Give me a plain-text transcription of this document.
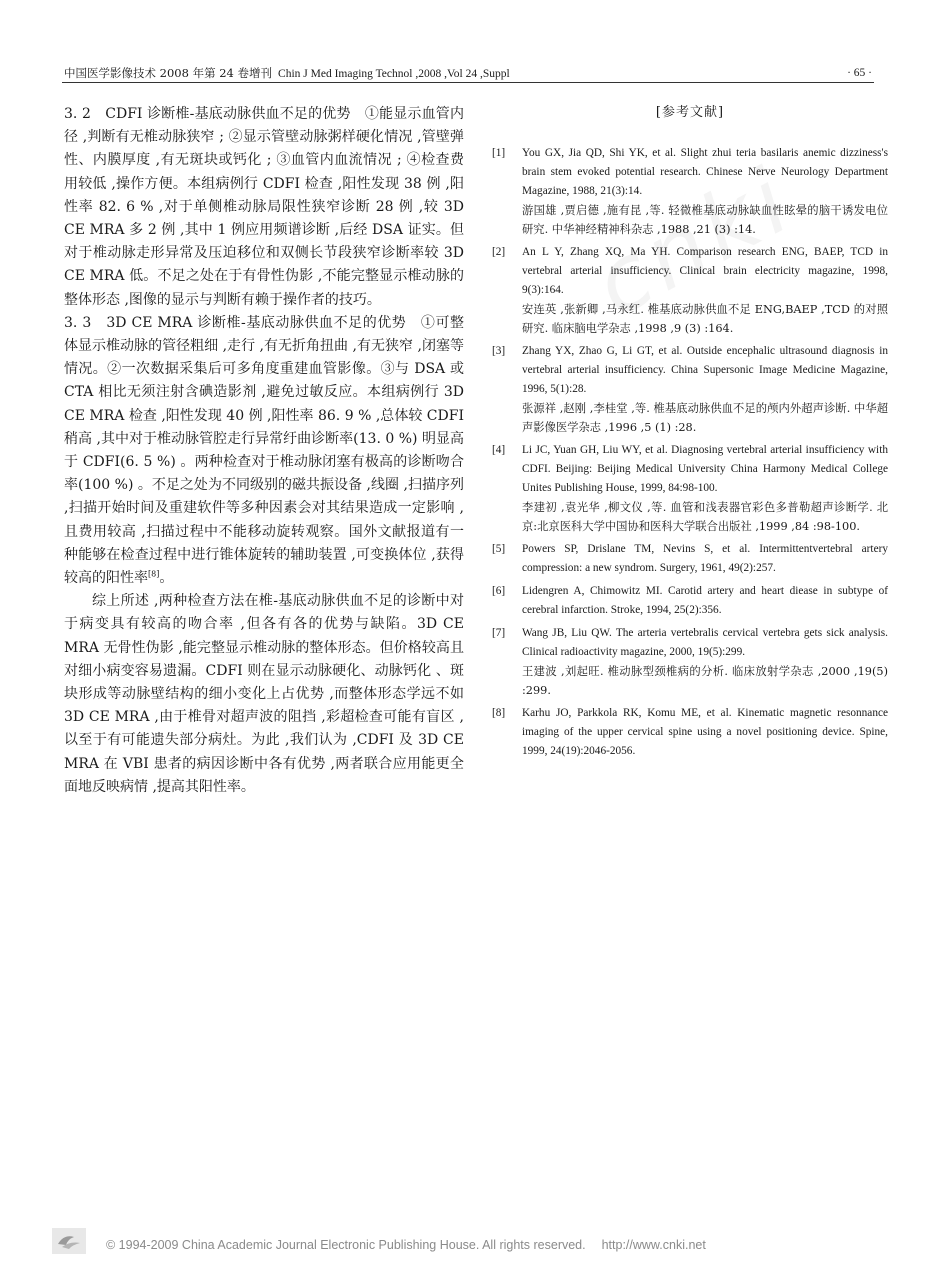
中国医学影像技术 2008 年第 24 卷增刊 Chin J Med Imaging Technol ,2008 ,Vol 24 ,Suppl	· 65 ·

3. 2　CDFI 诊断椎-基底动脉供血不足的优势　①能显示血管内径 ,判断有无椎动脉狭窄 ; ②显示管壁动脉粥样硬化情况 ,管壁弹性、内膜厚度 ,有无斑块或钙化 ; ③血管内血流情况 ; ④检查费用较低 ,操作方便。本组病例行 CDFI 检查 ,阳性发现 38 例 ,阳性率 82. 6 % ,对于单侧椎动脉局限性狭窄诊断 28 例 ,较 3D CE MRA 多 2 例 ,其中 1 例应用频谱诊断 ,后经 DSA 证实。但对于椎动脉走形异常及压迫移位和双侧长节段狭窄诊断率较 3D CE MRA 低。不足之处在于有骨性伪影 ,不能完整显示椎动脉的整体形态 ,图像的显示与判断有赖于操作者的技巧。

3. 3　3D CE MRA 诊断椎-基底动脉供血不足的优势　①可整体显示椎动脉的管径粗细 ,走行 ,有无折角扭曲 ,有无狭窄 ,闭塞等情况。②一次数据采集后可多角度重建血管影像。③与 DSA 或 CTA 相比无须注射含碘造影剂 ,避免过敏反应。本组病例行 3D CE MRA 检查 ,阳性发现 40 例 ,阳性率 86. 9 % ,总体较 CDFI 稍高 ,其中对于椎动脉管腔走行异常纡曲诊断率(13. 0 %) 明显高于 CDFI(6. 5 %) 。两种检查对于椎动脉闭塞有极高的诊断吻合率(100 %) 。不足之处为不同级别的磁共振设备 ,线圈 ,扫描序列 ,扫描开始时间及重建软件等多种因素会对其结果造成一定影响 ,且费用较高 ,扫描过程中不能移动旋转观察。国外文献报道有一种能够在检查过程中进行锥体旋转的辅助装置 ,可变换体位 ,获得较高的阳性率[8]。

综上所述 ,两种检查方法在椎-基底动脉供血不足的诊断中对于病变具有较高的吻合率 ,但各有各的优势与缺陷。3D CE MRA 无骨性伪影 ,能完整显示椎动脉的整体形态。但价格较高且对细小病变容易遗漏。CDFI 则在显示动脉硬化、动脉钙化 、斑块形成等动脉壁结构的细小变化上占优势 ,而整体形态学远不如 3D CE MRA ,由于椎骨对超声波的阻挡 ,彩超检查可能有盲区 ,以至于有可能遗失部分病灶。为此 ,我们认为 ,CDFI 及 3D CE MRA 在 VBI 患者的病因诊断中各有优势 ,两者联合应用能更全面地反映病情 ,提高其阳性率。

[参考文献]
[1] You GX, Jia QD, Shi YK, et al. Slight zhui teria basilaris anemic dizziness's brain stem evoked potential research. Chinese Nerve Neurology Department Magazine, 1988, 21(3):14.
游国雄 ,贾启德 ,施有昆 ,等. 轻微椎基底动脉缺血性眩晕的脑干诱发电位研究. 中华神经精神科杂志 ,1988 ,21 (3) :14.
[2] An L Y, Zhang XQ, Ma YH. Comparison research ENG, BAEP, TCD in vertebral arterial insufficiency. Clinical brain electricity magazine, 1998, 9(3):164.
安连英 ,张新卿 ,马永红. 椎基底动脉供血不足 ENG,BAEP ,TCD 的对照研究. 临床脑电学杂志 ,1998 ,9 (3) :164.
[3] Zhang YX, Zhao G, Li GT, et al. Outside encephalic ultrasound diagnosis in vertebral arterial insufficiency. China Supersonic Image Medicine Magazine, 1996, 5(1):28.
张源祥 ,赵刚 ,李桂堂 ,等. 椎基底动脉供血不足的颅内外超声诊断. 中华超声影像医学杂志 ,1996 ,5 (1) :28.
[4] Li JC, Yuan GH, Liu WY, et al. Diagnosing vertebral arterial insufficiency with CDFI. Beijing: Beijing Medical University China Harmony Medical College Unites Publishing House, 1999, 84:98-100.
李建初 ,袁光华 ,柳文仪 ,等. 血管和浅表器官彩色多普勒超声诊断学. 北京:北京医科大学中国协和医科大学联合出版社 ,1999 ,84 :98-100.
[5] Powers SP, Drislane TM, Nevins S, et al. Intermittentvertebral artery compression: a new syndrom. Surgery, 1961, 49(2):257.
[6] Lidengren A, Chimowitz MI. Carotid artery and heart diease in subtype of cerebral infarction. Stroke, 1994, 25(2):356.
[7] Wang JB, Liu QW. The arteria vertebralis cervical vertebra gets sick analysis. Clinical radioactivity magazine, 2000, 19(5):299.
王建波 ,刘起旺. 椎动脉型颈椎病的分析. 临床放射学杂志 ,2000 ,19(5) :299.
[8] Karhu JO, Parkkola RK, Komu ME, et al. Kinematic magnetic resonnance imaging of the upper cervical spine using a novel positioning device. Spine, 1999, 24(19):2046-2056.
© 1994-2009 China Academic Journal Electronic Publishing House. All rights reserved. http://www.cnki.net
